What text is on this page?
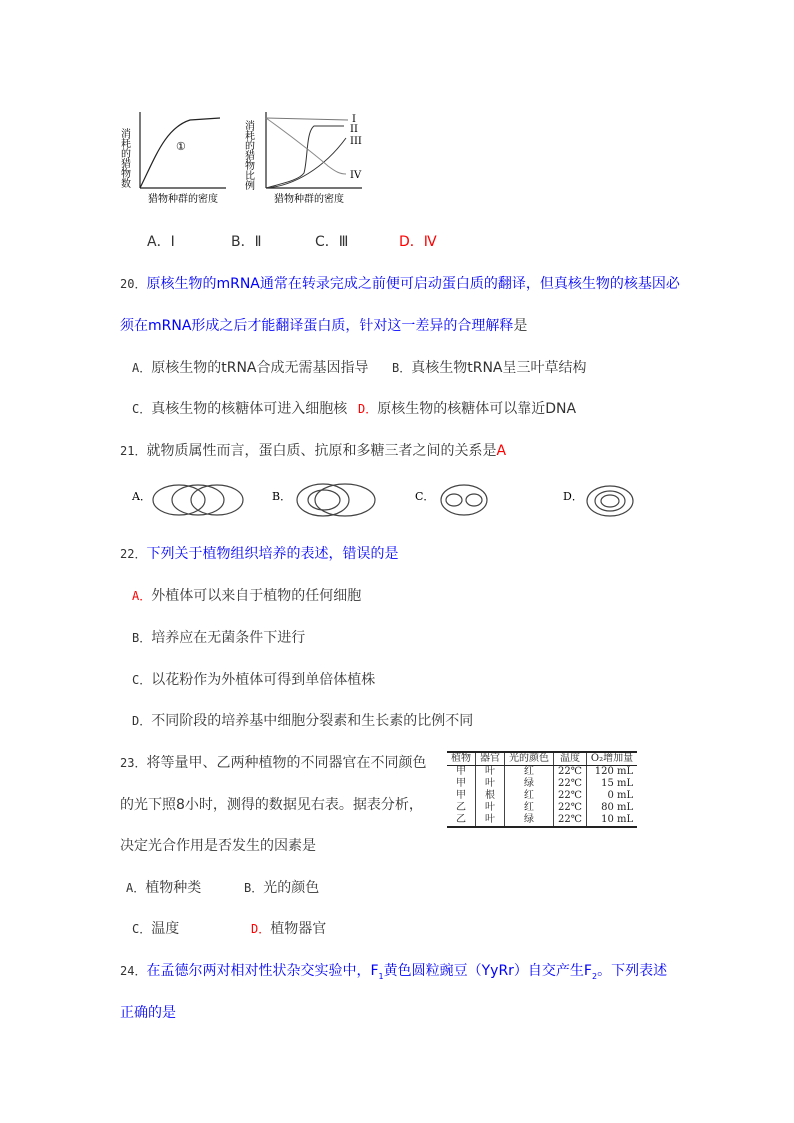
①
消耗的猎物数
猎物种群的密度
I
II
III
IV
消耗的猎物比例
猎物种群的密度
A．Ⅰ	B．Ⅱ	C．Ⅲ	D．Ⅳ
20．原核生物的mRNA通常在转录完成之前便可启动蛋白质的翻译，但真核生物的核基因必
须在mRNA形成之后才能翻译蛋白质，针对这一差异的合理解释是
A．原核生物的tRNA合成无需基因指导 B．真核生物tRNA呈三叶草结构
C．真核生物的核糖体可进入细胞核 D．原核生物的核糖体可以靠近DNA
21．就物质属性而言，蛋白质、抗原和多糖三者之间的关系是A
A．	B．	C．	D．
22．下列关于植物组织培养的表述，错误的是
A．外植体可以来自于植物的任何细胞
B．培养应在无菌条件下进行
C．以花粉作为外植体可得到单倍体植株
D．不同阶段的培养基中细胞分裂素和生长素的比例不同
23．将等量甲、乙两种植物的不同器官在不同颜色
的光下照8小时，测得的数据见右表。据表分析，
决定光合作用是否发生的因素是
植物	器官	光的颜色	温度	O₂增加量
甲	叶	红	22℃	120 mL
甲	叶	绿	22℃	15 mL
甲	根	红	22℃	0 mL
乙	叶	红	22℃	80 mL
乙	叶	绿	22℃	10 mL
A．植物种类	B．光的颜色
C．温度	D．植物器官
24．在孟德尔两对相对性状杂交实验中，$F_1$黄色圆粒豌豆（YyRr）自交产生$F_2$。下列表述
正确的是
